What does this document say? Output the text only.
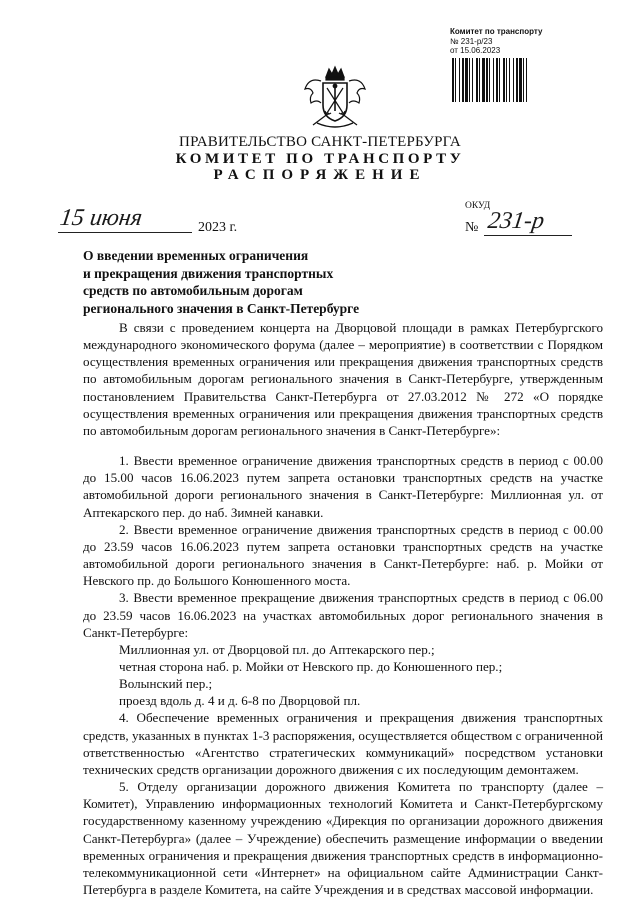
Комитет по транспорту
№ 231-р/23
от 15.06.2023
ПРАВИТЕЛЬСТВО САНКТ-ПЕТЕРБУРГА
КОМИТЕТ ПО ТРАНСПОРТУ
РАСПОРЯЖЕНИЕ
ОКУД
15 июня	2023 г.	№ 231-р
О введении временных ограничения
и прекращения движения транспортных
средств по автомобильным дорогам
регионального значения в Санкт-Петербурге

В связи с проведением концерта на Дворцовой площади в рамках Петербургского международного экономического форума (далее – мероприятие) в соответствии с Порядком осуществления временных ограничения или прекращения движения транспортных средств по автомобильным дорогам регионального значения в Санкт-Петербурге, утвержденным постановлением Правительства Санкт-Петербурга от 27.03.2012 № 272 «О порядке осуществления временных ограничения или прекращения движения транспортных средств по автомобильным дорогам регионального значения в Санкт-Петербурге»:

1. Ввести временное ограничение движения транспортных средств в период с 00.00 до 15.00 часов 16.06.2023 путем запрета остановки транспортных средств на участке автомобильной дороги регионального значения в Санкт-Петербурге: Миллионная ул. от Аптекарского пер. до наб. Зимней канавки.

2. Ввести временное ограничение движения транспортных средств в период с 00.00 до 23.59 часов 16.06.2023 путем запрета остановки транспортных средств на участке автомобильной дороги регионального значения в Санкт-Петербурге: наб. р. Мойки от Невского пр. до Большого Конюшенного моста.

3. Ввести временное прекращение движения транспортных средств в период с 06.00 до 23.59 часов 16.06.2023 на участках автомобильных дорог регионального значения в Санкт-Петербурге:

Миллионная ул. от Дворцовой пл. до Аптекарского пер.;

четная сторона наб. р. Мойки от Невского пр. до Конюшенного пер.;

Волынский пер.;

проезд вдоль д. 4 и д. 6-8 по Дворцовой пл.

4. Обеспечение временных ограничения и прекращения движения транспортных средств, указанных в пунктах 1-3 распоряжения, осуществляется обществом с ограниченной ответственностью «Агентство стратегических коммуникаций» посредством установки технических средств организации дорожного движения с их последующим демонтажем.

5. Отделу организации дорожного движения Комитета по транспорту (далее – Комитет), Управлению информационных технологий Комитета и Санкт-Петербургскому государственному казенному учреждению «Дирекция по организации дорожного движения Санкт-Петербурга» (далее – Учреждение) обеспечить размещение информации о введении временных ограничения и прекращения движения транспортных средств в информационно-телекоммуникационной сети «Интернет» на официальном сайте Администрации Санкт-Петербурга в разделе Комитета, на сайте Учреждения и в средствах массовой информации.
